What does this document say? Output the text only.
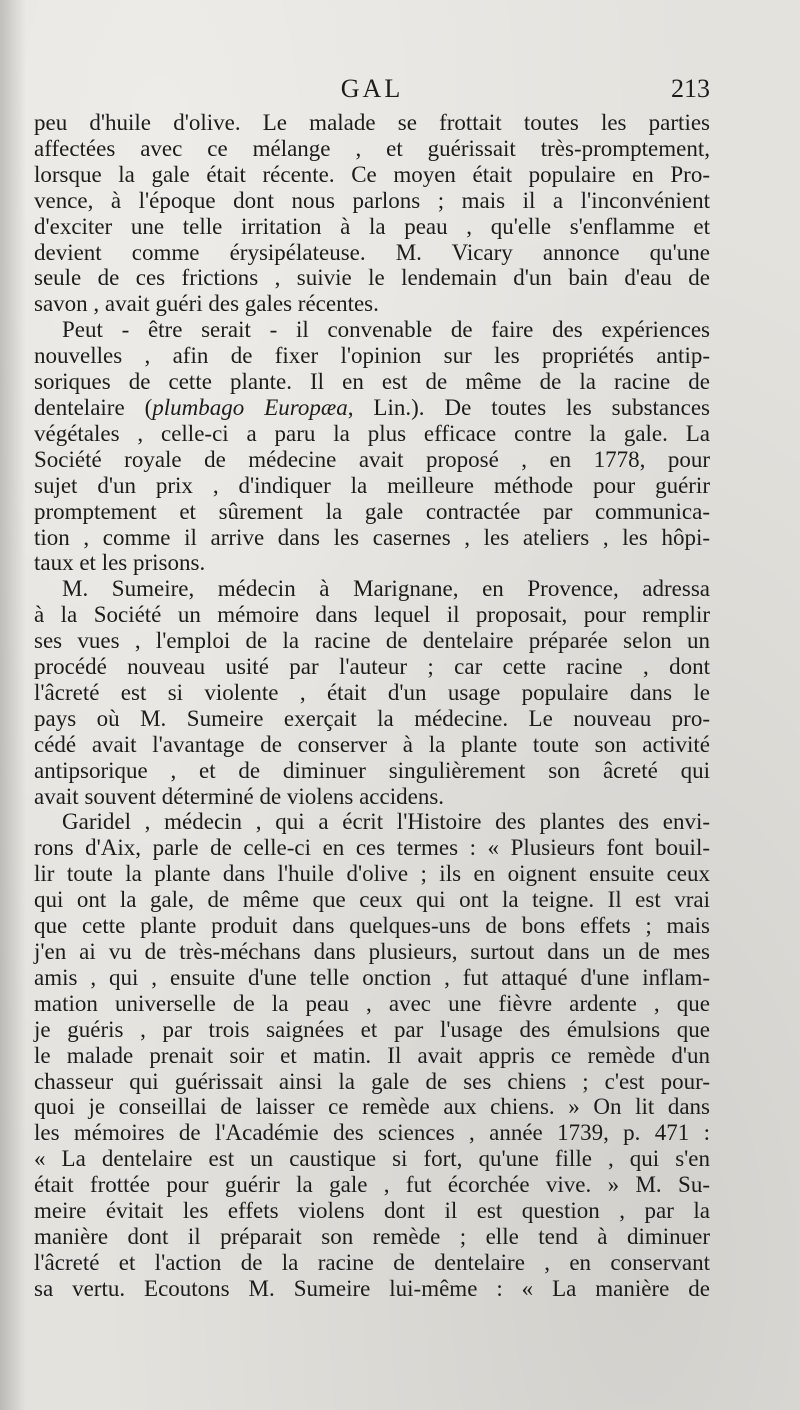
GAL	213

peu d'huile d'olive. Le malade se frottait toutes les parties
affectées avec ce mélange , et guérissait très-promptement,
lorsque la gale était récente. Ce moyen était populaire en Pro-
vence, à l'époque dont nous parlons ; mais il a l'inconvénient
d'exciter une telle irritation à la peau , qu'elle s'enflamme et
devient comme érysipélateuse. M. Vicary annonce qu'une
seule de ces frictions , suivie le lendemain d'un bain d'eau de
savon , avait guéri des gales récentes.

Peut - être serait - il convenable de faire des expériences
nouvelles , afin de fixer l'opinion sur les propriétés antip-
soriques de cette plante. Il en est de même de la racine de
dentelaire (plumbago Europæa, Lin.). De toutes les substances
végétales , celle-ci a paru la plus efficace contre la gale. La
Société royale de médecine avait proposé , en 1778, pour
sujet d'un prix , d'indiquer la meilleure méthode pour guérir
promptement et sûrement la gale contractée par communica-
tion , comme il arrive dans les casernes , les ateliers , les hôpi-
taux et les prisons.

M. Sumeire, médecin à Marignane, en Provence, adressa
à la Société un mémoire dans lequel il proposait, pour remplir
ses vues , l'emploi de la racine de dentelaire préparée selon un
procédé nouveau usité par l'auteur ; car cette racine , dont
l'âcreté est si violente , était d'un usage populaire dans le
pays où M. Sumeire exerçait la médecine. Le nouveau pro-
cédé avait l'avantage de conserver à la plante toute son activité
antipsorique , et de diminuer singulièrement son âcreté qui
avait souvent déterminé de violens accidens.

Garidel , médecin , qui a écrit l'Histoire des plantes des envi-
rons d'Aix, parle de celle-ci en ces termes : « Plusieurs font bouil-
lir toute la plante dans l'huile d'olive ; ils en oignent ensuite ceux
qui ont la gale, de même que ceux qui ont la teigne. Il est vrai
que cette plante produit dans quelques-uns de bons effets ; mais
j'en ai vu de très-méchans dans plusieurs, surtout dans un de mes
amis , qui , ensuite d'une telle onction , fut attaqué d'une inflam-
mation universelle de la peau , avec une fièvre ardente , que
je guéris , par trois saignées et par l'usage des émulsions que
le malade prenait soir et matin. Il avait appris ce remède d'un
chasseur qui guérissait ainsi la gale de ses chiens ; c'est pour-
quoi je conseillai de laisser ce remède aux chiens. » On lit dans
les mémoires de l'Académie des sciences , année 1739, p. 471 :
« La dentelaire est un caustique si fort, qu'une fille , qui s'en
était frottée pour guérir la gale , fut écorchée vive. » M. Su-
meire évitait les effets violens dont il est question , par la
manière dont il préparait son remède ; elle tend à diminuer
l'âcreté et l'action de la racine de dentelaire , en conservant
sa vertu. Ecoutons M. Sumeire lui-même : « La manière de
